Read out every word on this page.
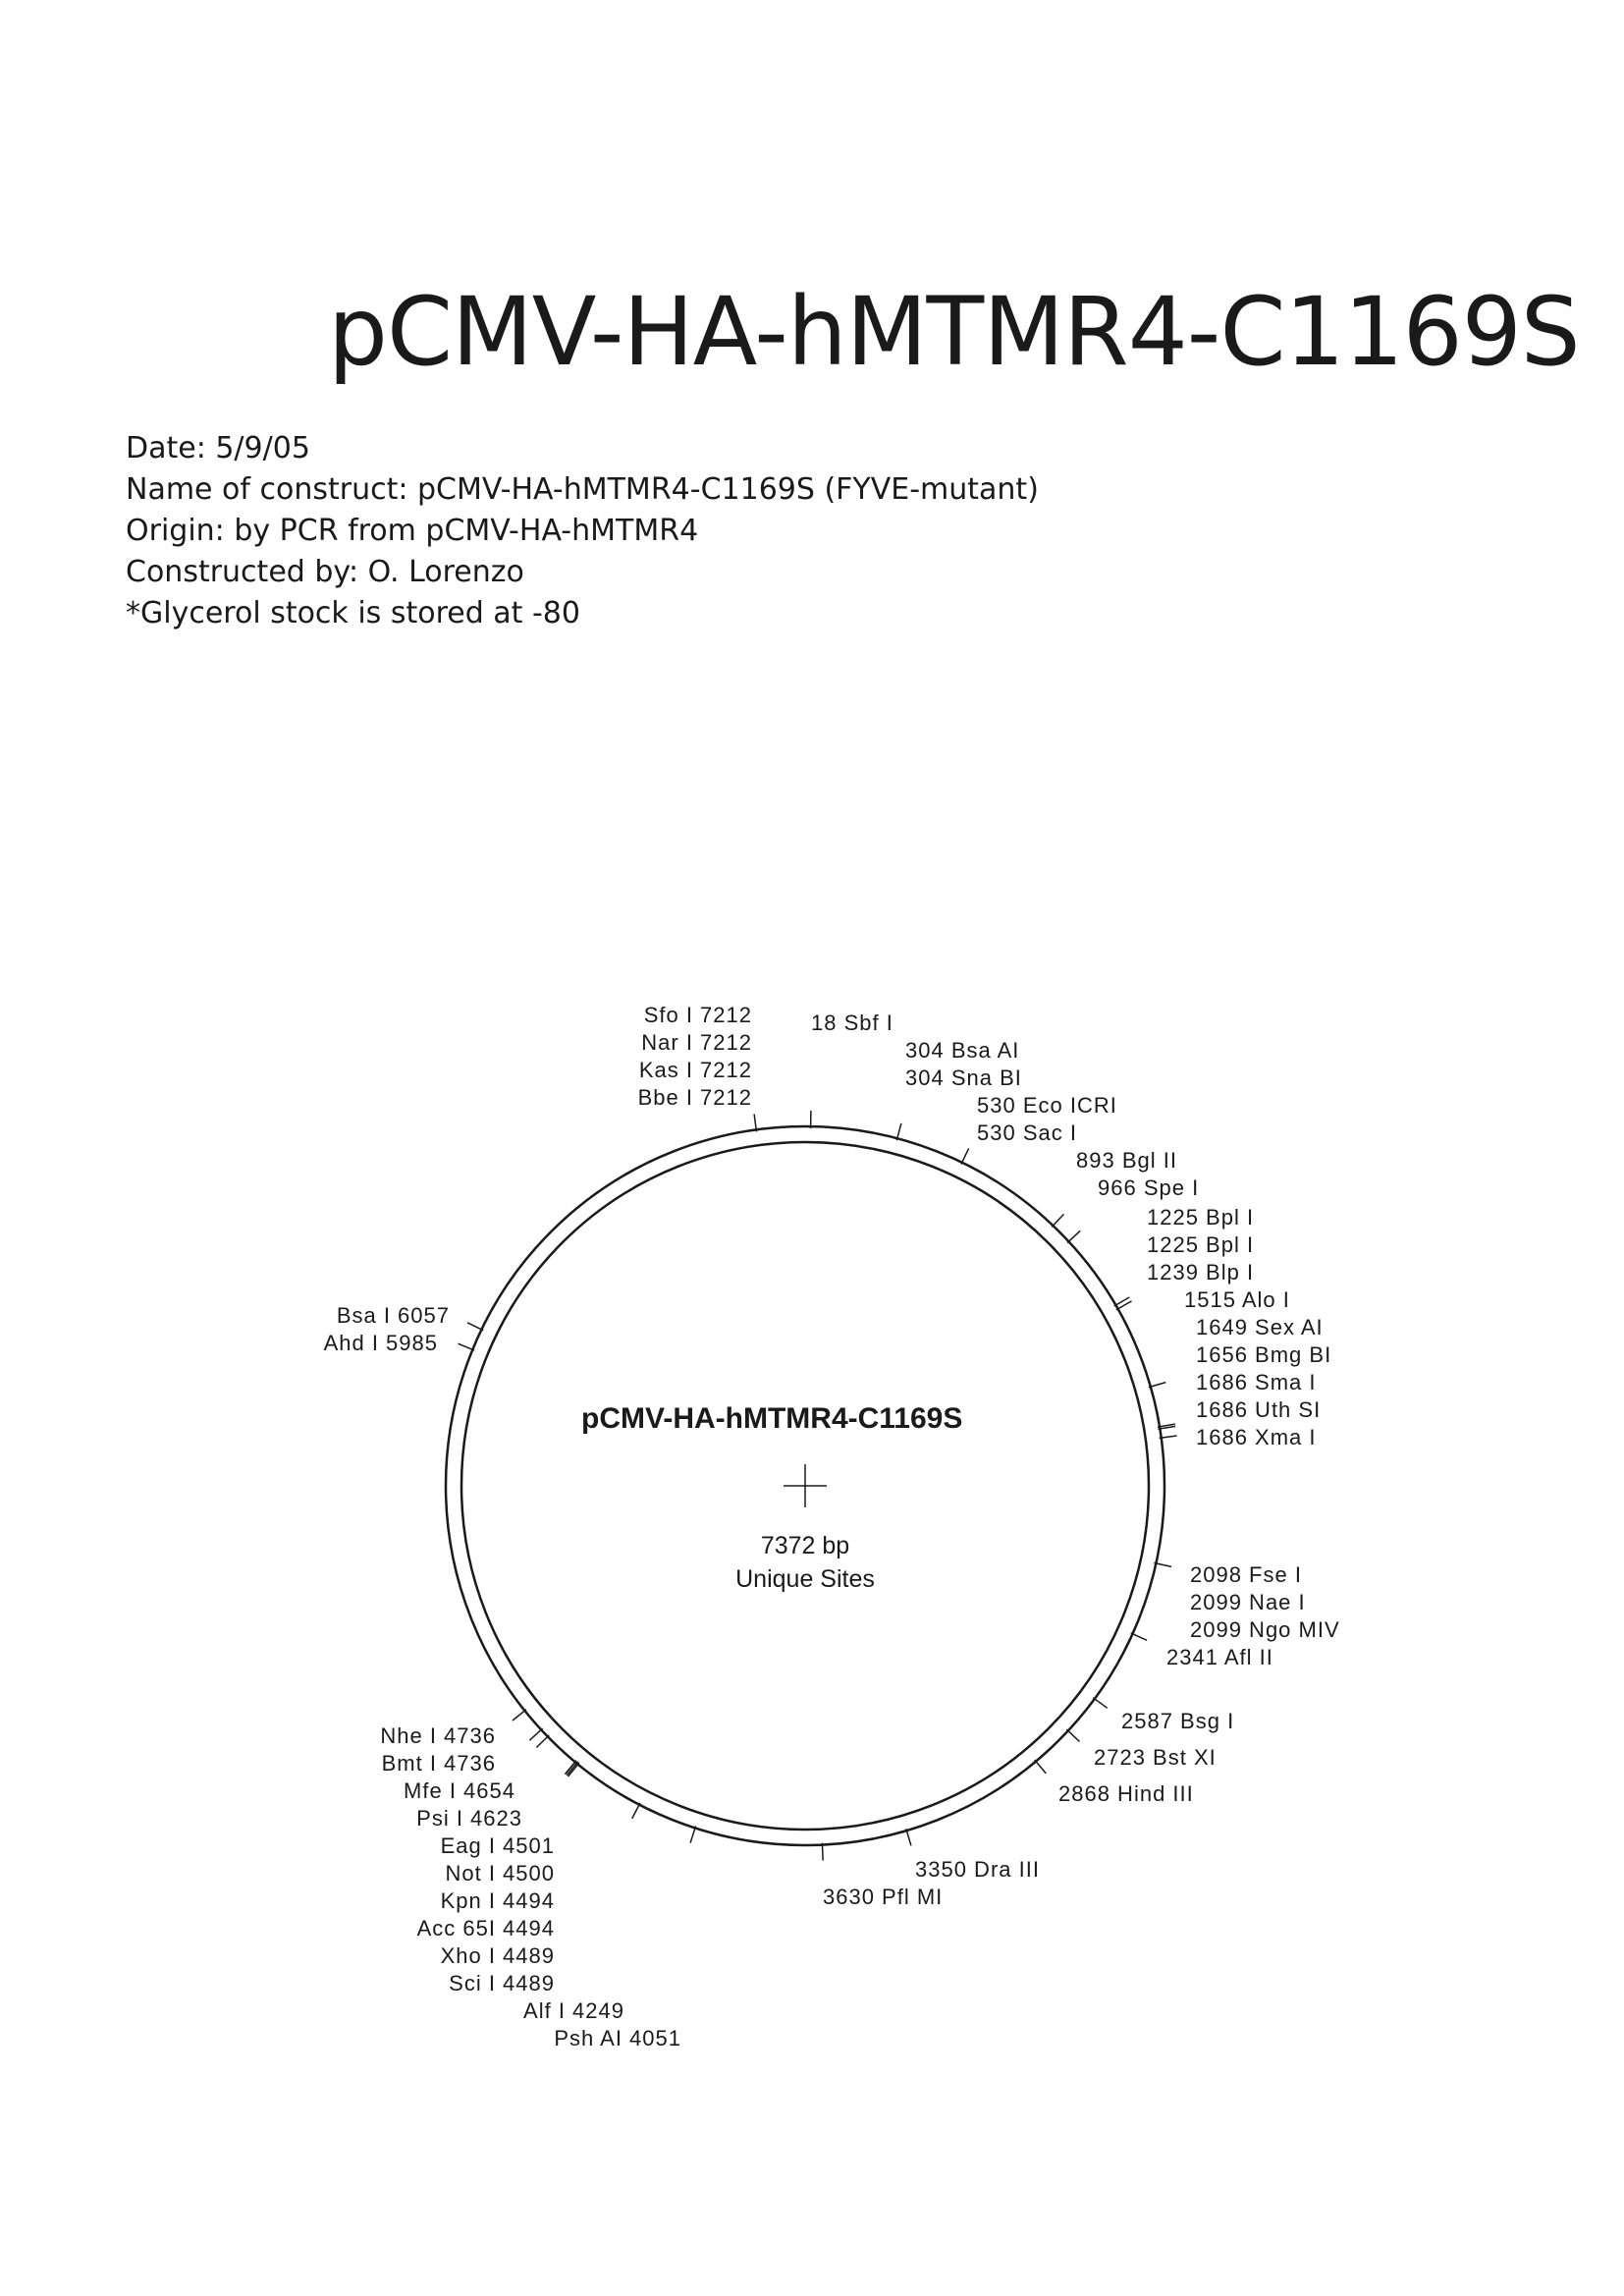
pCMV-HA-hMTMR4-C1169S
Date: 5/9/05
Name of construct: pCMV-HA-hMTMR4-C1169S (FYVE-mutant)
Origin: by PCR from pCMV-HA-hMTMR4
Constructed by: O. Lorenzo
*Glycerol stock is stored at -80
pCMV-HA-hMTMR4-C1169S
7372 bp
Unique Sites
Sfo I 7212
Nar I 7212
Kas I 7212
Bbe I 7212
18 Sbf I
304 Bsa AI
304 Sna BI
530 Eco ICRI
530 Sac I
893 Bgl II
966 Spe I
1225 Bpl I
1225 Bpl I
1239 Blp I
1515 Alo I
1649 Sex AI
1656 Bmg BI
1686 Sma I
1686 Uth SI
1686 Xma I
2098 Fse I
2099 Nae I
2099 Ngo MIV
2341 Afl II
2587 Bsg I
2723 Bst XI
2868 Hind III
3350 Dra III
3630 Pfl MI
Psh AI 4051
Alf I 4249
Sci I 4489
Xho I 4489
Acc 65I 4494
Kpn I 4494
Not I 4500
Eag I 4501
Psi I 4623
Mfe I 4654
Bmt I 4736
Nhe I 4736
Ahd I 5985
Bsa I 6057
